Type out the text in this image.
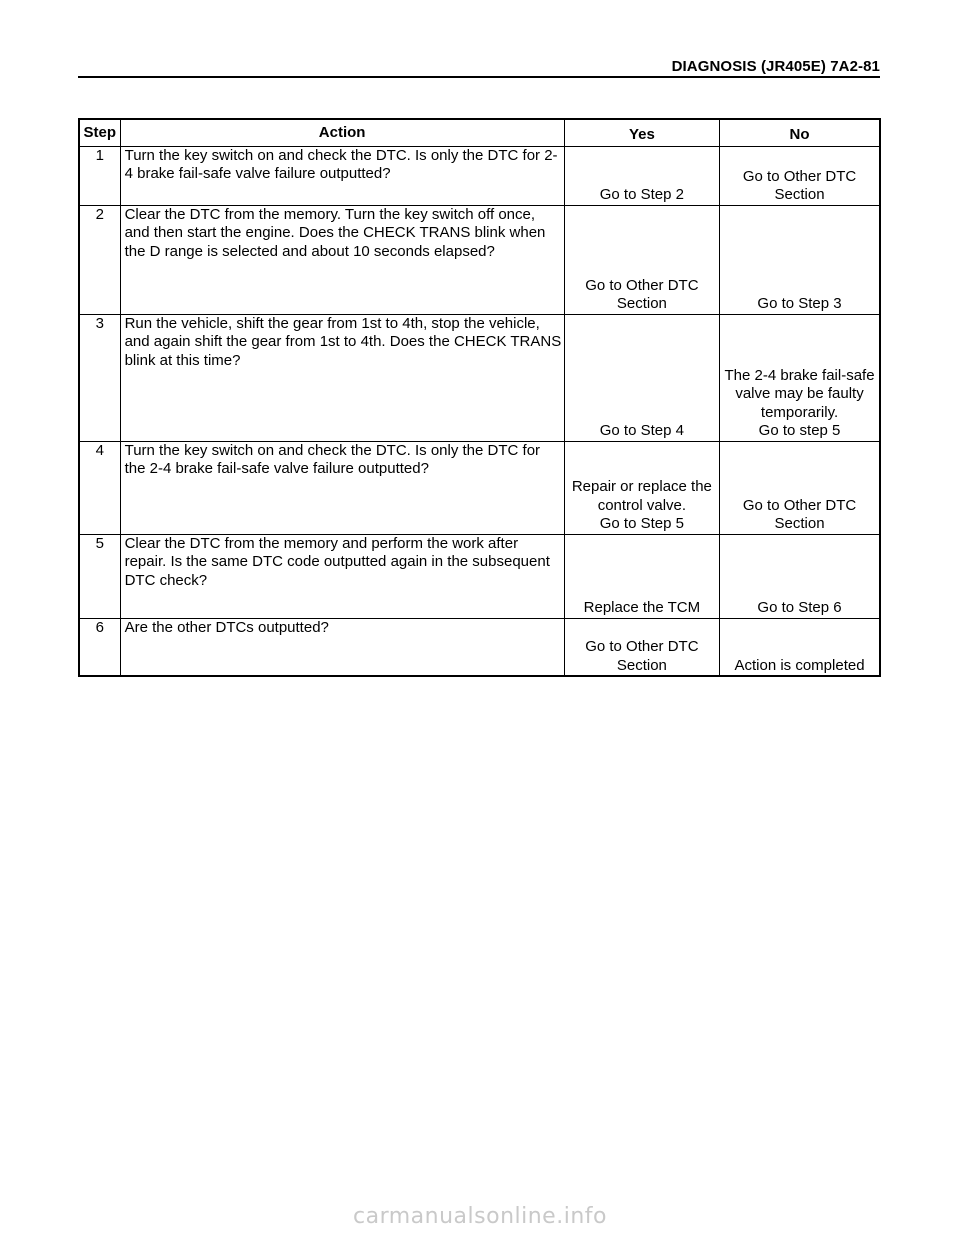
DIAGNOSIS (JR405E) 7A2-81
Step	Action	Yes	No
1	Turn the key switch on and check the DTC. Is only the DTC for 2-4 brake fail-safe valve failure outputted?	Go to Step 2	Go to Other DTC
Section

2	Clear the DTC from the memory. Turn the key switch off once, and then start the engine. Does the CHECK TRANS blink when the D range is selected and about 10 seconds elapsed?	Go to Other DTC
Section	Go to Step 3

3	Run the vehicle, shift the gear from 1st to 4th, stop the vehicle, and again shift the gear from 1st to 4th. Does the CHECK TRANS blink at this time?	Go to Step 4	The 2-4 brake fail-safe
valve may be faulty
temporarily.
Go to step 5

4	Turn the key switch on and check the DTC. Is only the DTC for the 2-4 brake fail-safe valve failure outputted?	Repair or replace the
control valve.
Go to Step 5	Go to Other DTC
Section

5	Clear the DTC from the memory and perform the work after repair. Is the same DTC code outputted again in the subsequent DTC check?	Replace the TCM	Go to Step 6

6	Are the other DTCs outputted?	Go to Other DTC
Section	Action is completed
carmanualsonline.info
